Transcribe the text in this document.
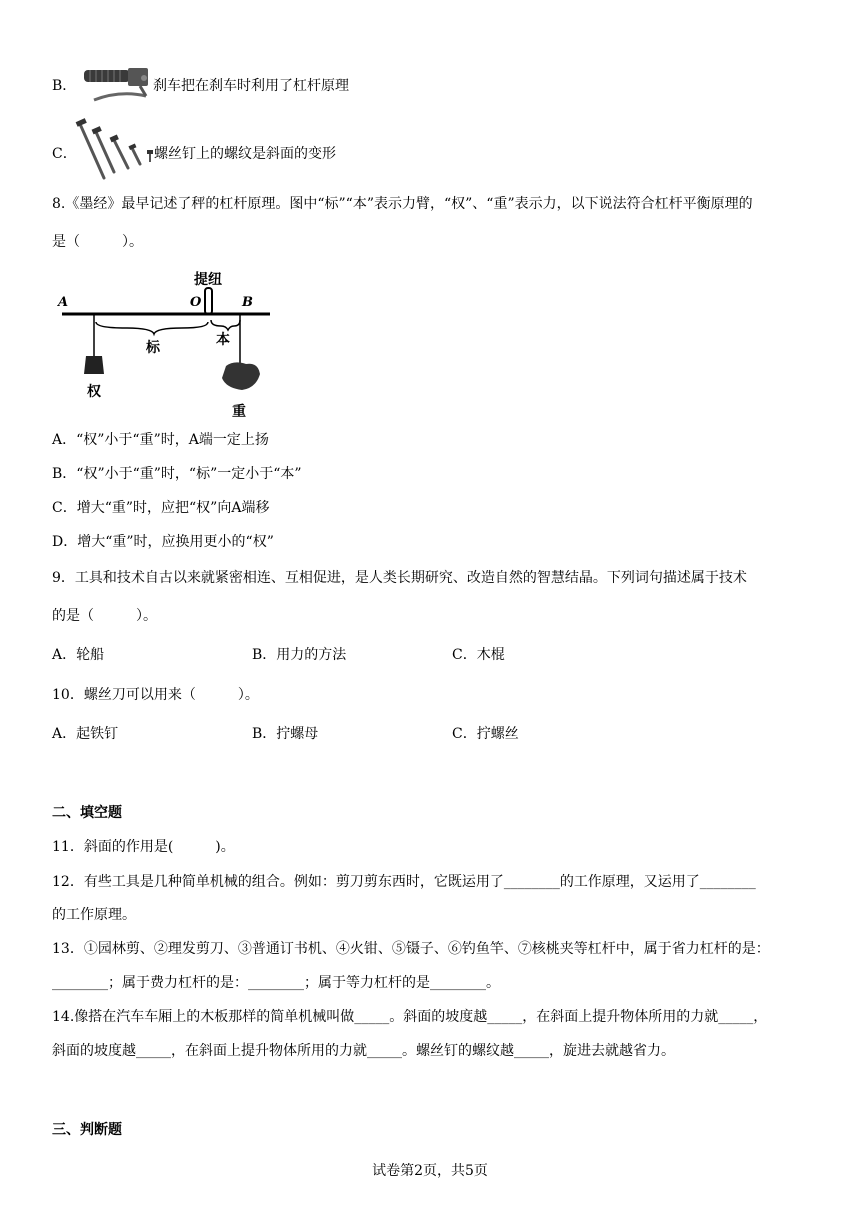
B．	刹车把在刹车时利用了杠杆原理
C．	螺丝钉上的螺纹是斜面的变形
8.《墨经》最早记述了秤的杠杆原理。图中“标”“本”表示力臂，“权”、“重”表示力，以下说法符合杠杆平衡原理的
是（　　　）。
提纽
A	O	B
权
标	本
重
A．“权”小于“重”时，A端一定上扬
B．“权”小于“重”时，“标”一定小于“本”
C．增大“重”时，应把“权”向A端移
D．增大“重”时，应换用更小的“权”
9．工具和技术自古以来就紧密相连、互相促进，是人类长期研究、改造自然的智慧结晶。下列词句描述属于技术
的是（　　　）。
A．轮船	B．用力的方法	C．木棍
10．螺丝刀可以用来（　　　）。
A．起铁钉	B．拧螺母	C．拧螺丝
二、填空题
11．斜面的作用是(　　　)。
12．有些工具是几种简单机械的组合。例如：剪刀剪东西时，它既运用了________的工作原理，又运用了________
的工作原理。
13．①园林剪、②理发剪刀、③普通订书机、④火钳、⑤镊子、⑥钓鱼竿、⑦核桃夹等杠杆中，属于省力杠杆的是：
________；属于费力杠杆的是：________；属于等力杠杆的是________。
14.像搭在汽车车厢上的木板那样的简单机械叫做_____。斜面的坡度越_____，在斜面上提升物体所用的力就_____，
斜面的坡度越_____，在斜面上提升物体所用的力就_____。螺丝钉的螺纹越_____，旋进去就越省力。
三、判断题
试卷第2页，共5页
